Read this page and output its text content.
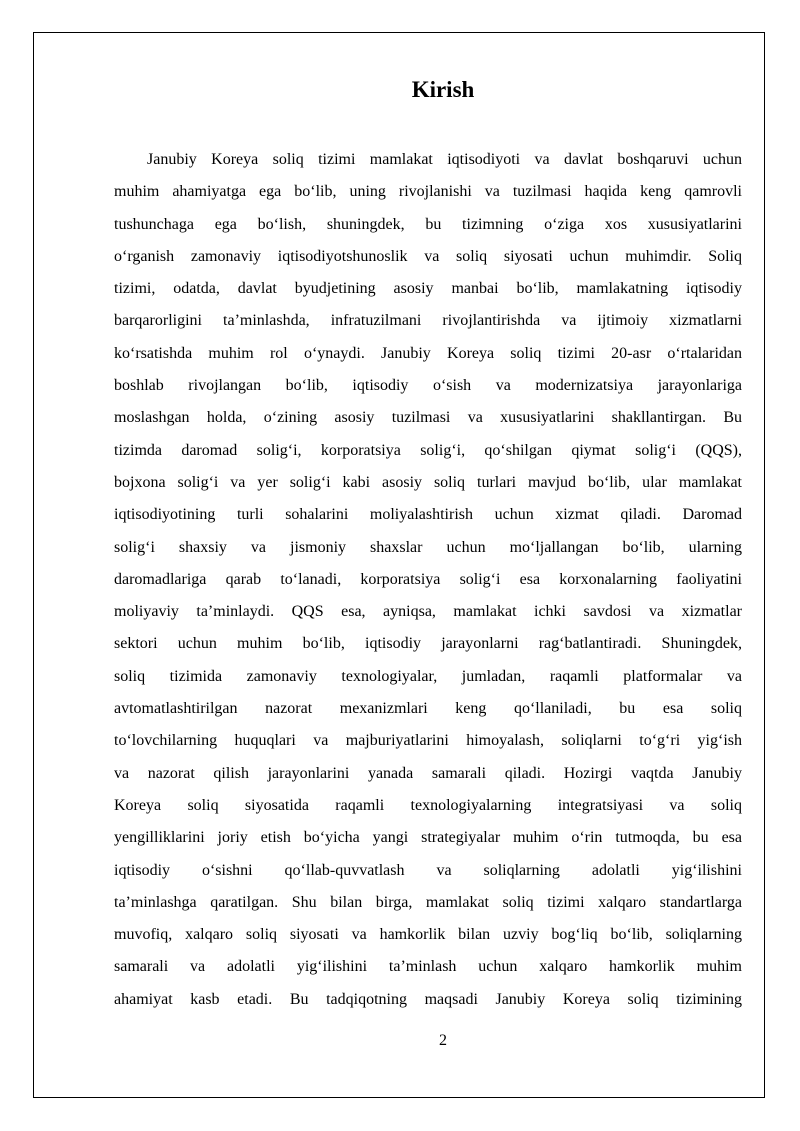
Kirish
Janubiy Koreya soliq tizimi mamlakat iqtisodiyoti va davlat boshqaruvi uchun
muhim ahamiyatga ega bo‘lib, uning rivojlanishi va tuzilmasi haqida keng qamrovli
tushunchaga ega bo‘lish, shuningdek, bu tizimning o‘ziga xos xususiyatlarini
o‘rganish zamonaviy iqtisodiyotshunoslik va soliq siyosati uchun muhimdir. Soliq
tizimi, odatda, davlat byudjetining asosiy manbai bo‘lib, mamlakatning iqtisodiy
barqarorligini ta’minlashda, infratuzilmani rivojlantirishda va ijtimoiy xizmatlarni
ko‘rsatishda muhim rol o‘ynaydi. Janubiy Koreya soliq tizimi 20-asr o‘rtalaridan
boshlab rivojlangan bo‘lib, iqtisodiy o‘sish va modernizatsiya jarayonlariga
moslashgan holda, o‘zining asosiy tuzilmasi va xususiyatlarini shakllantirgan. Bu
tizimda daromad solig‘i, korporatsiya solig‘i, qo‘shilgan qiymat solig‘i (QQS),
bojxona solig‘i va yer solig‘i kabi asosiy soliq turlari mavjud bo‘lib, ular mamlakat
iqtisodiyotining turli sohalarini moliyalashtirish uchun xizmat qiladi. Daromad
solig‘i shaxsiy va jismoniy shaxslar uchun mo‘ljallangan bo‘lib, ularning
daromadlariga qarab to‘lanadi, korporatsiya solig‘i esa korxonalarning faoliyatini
moliyaviy ta’minlaydi. QQS esa, ayniqsa, mamlakat ichki savdosi va xizmatlar
sektori uchun muhim bo‘lib, iqtisodiy jarayonlarni rag‘batlantiradi. Shuningdek,
soliq tizimida zamonaviy texnologiyalar, jumladan, raqamli platformalar va
avtomatlashtirilgan nazorat mexanizmlari keng qo‘llaniladi, bu esa soliq
to‘lovchilarning huquqlari va majburiyatlarini himoyalash, soliqlarni to‘g‘ri yig‘ish
va nazorat qilish jarayonlarini yanada samarali qiladi. Hozirgi vaqtda Janubiy
Koreya soliq siyosatida raqamli texnologiyalarning integratsiyasi va soliq
yengilliklarini joriy etish bo‘yicha yangi strategiyalar muhim o‘rin tutmoqda, bu esa
iqtisodiy o‘sishni qo‘llab-quvvatlash va soliqlarning adolatli yig‘ilishini
ta’minlashga qaratilgan. Shu bilan birga, mamlakat soliq tizimi xalqaro standartlarga
muvofiq, xalqaro soliq siyosati va hamkorlik bilan uzviy bog‘liq bo‘lib, soliqlarning
samarali va adolatli yig‘ilishini ta’minlash uchun xalqaro hamkorlik muhim
ahamiyat kasb etadi. Bu tadqiqotning maqsadi Janubiy Koreya soliq tizimining
2
